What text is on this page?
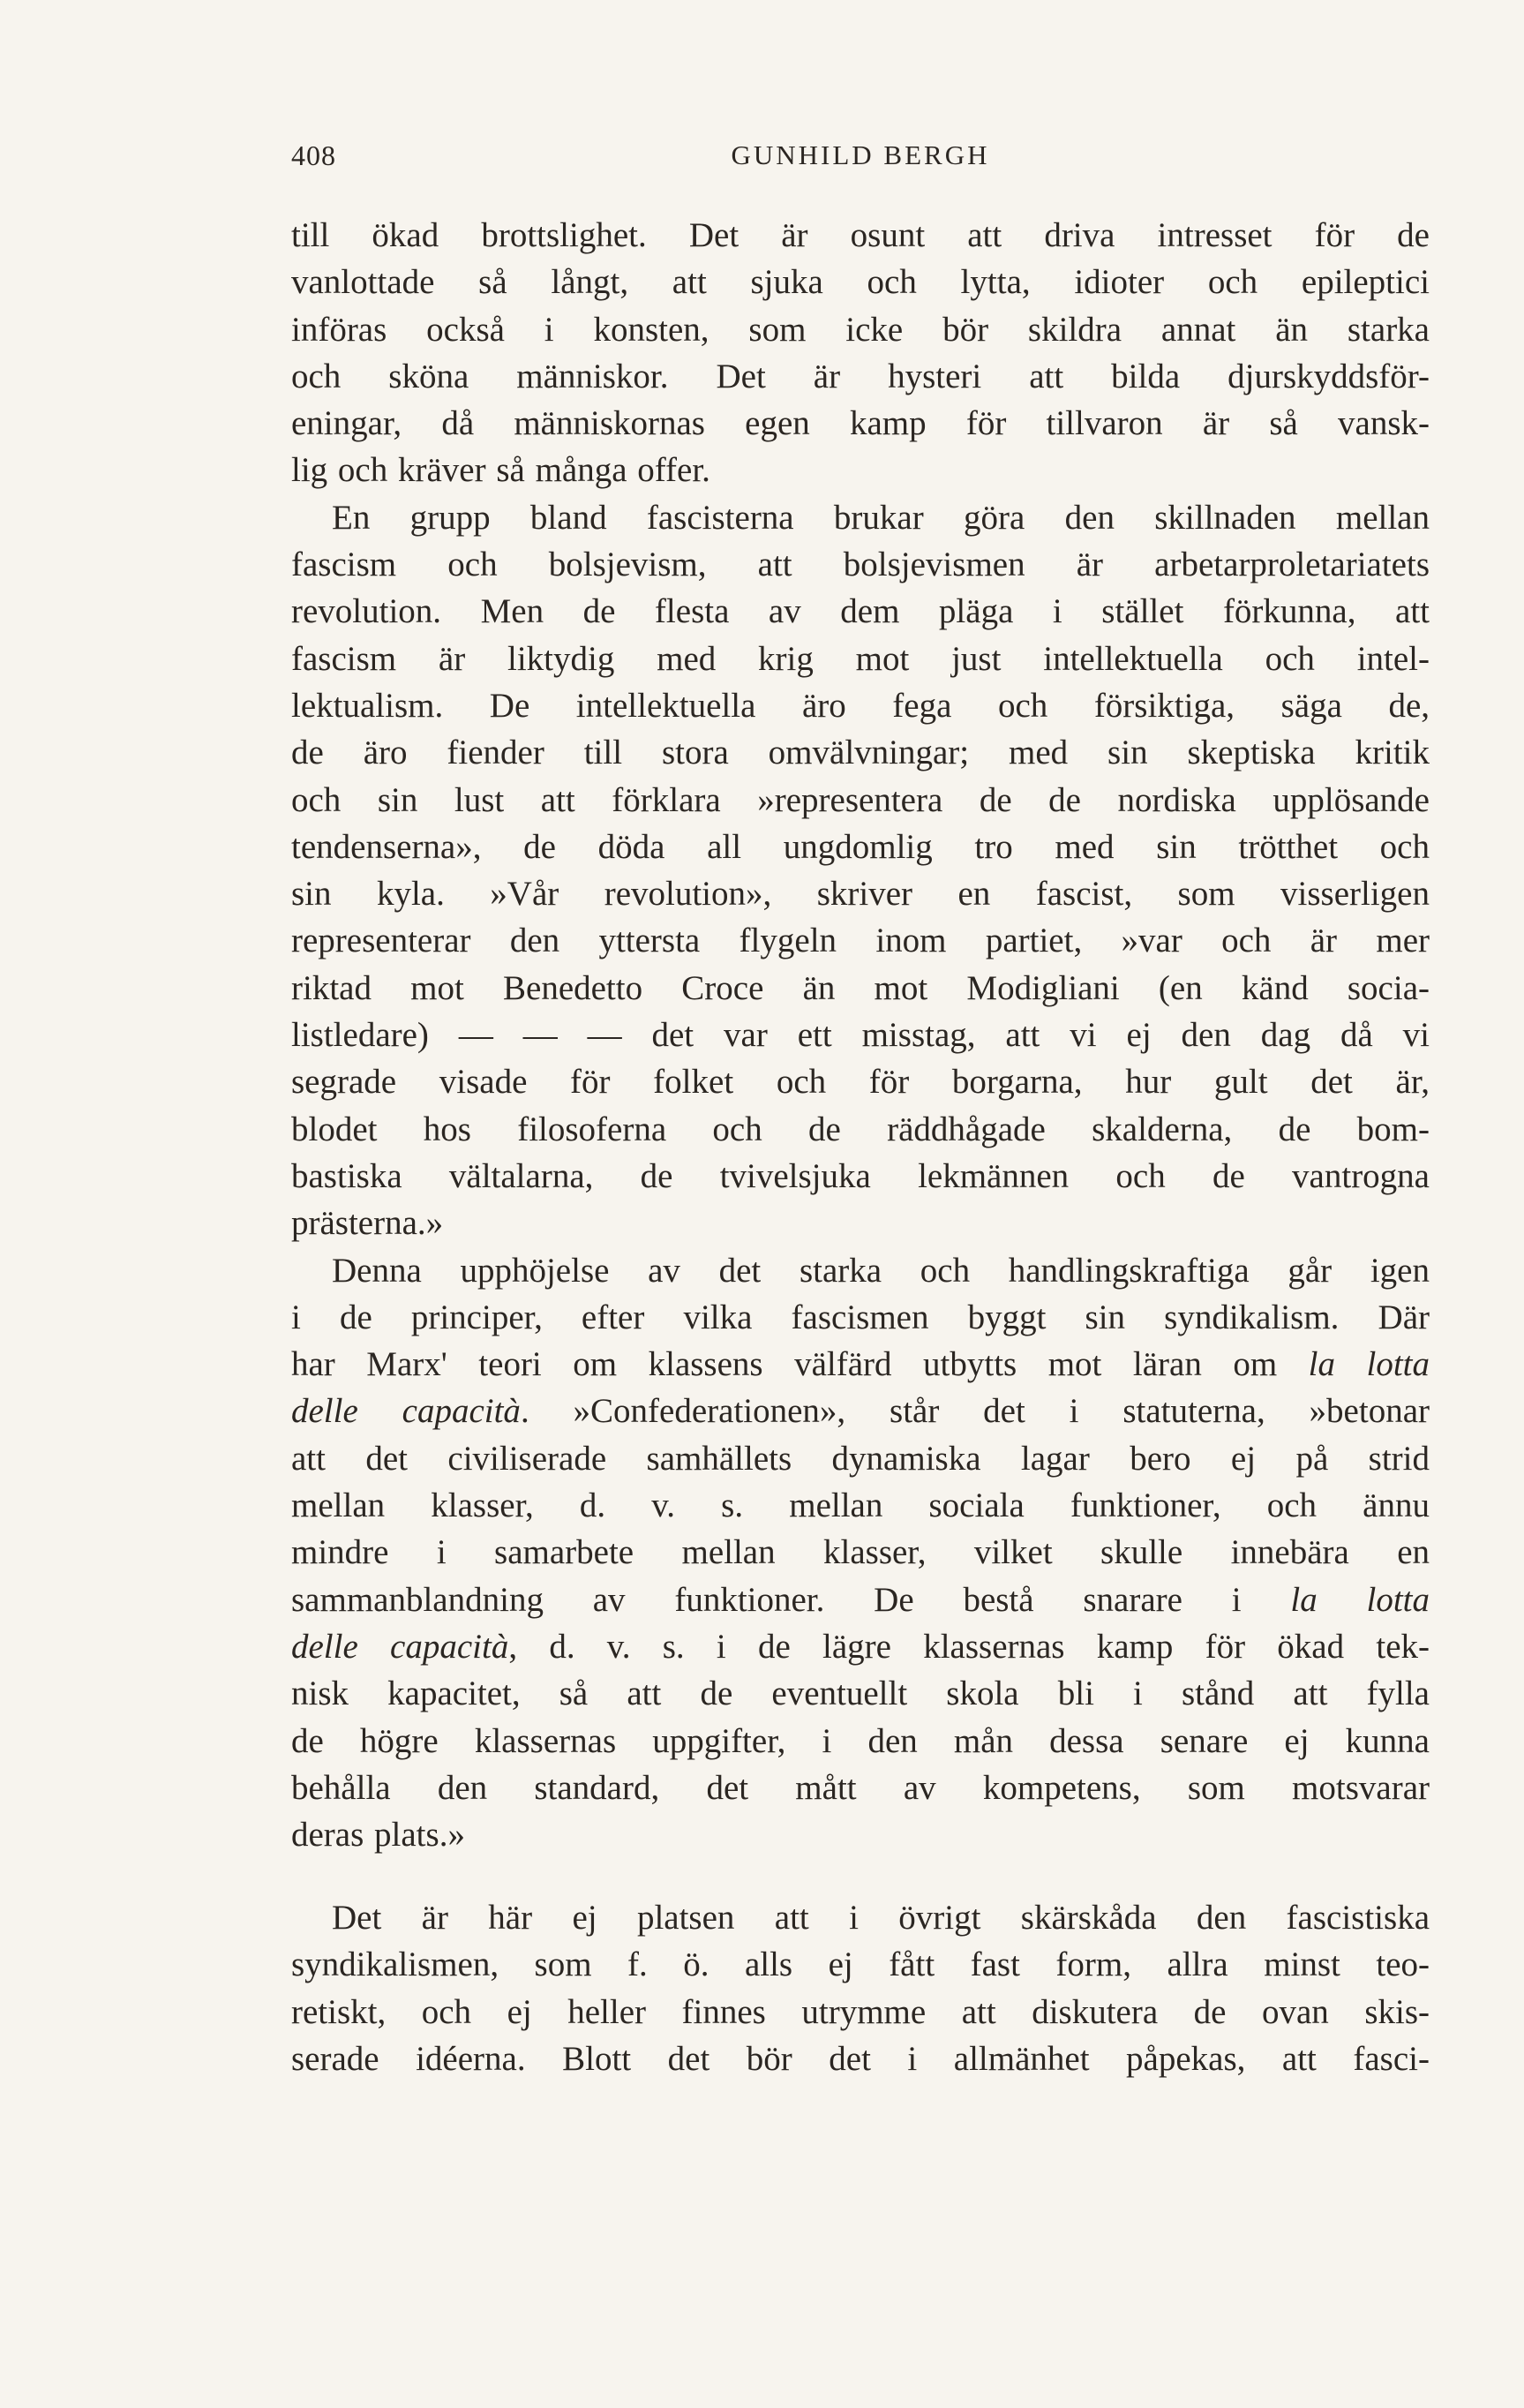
408	GUNHILD BERGH
till ökad brottslighet. Det är osunt att driva intresset för de
vanlottade så långt, att sjuka och lytta, idioter och epileptici
införas också i konsten, som icke bör skildra annat än starka
och sköna människor. Det är hysteri att bilda djurskyddsför-
eningar, då människornas egen kamp för tillvaron är så vansk-
lig och kräver så många offer.
En grupp bland fascisterna brukar göra den skillnaden mellan
fascism och bolsjevism, att bolsjevismen är arbetarproletariatets
revolution. Men de flesta av dem pläga i stället förkunna, att
fascism är liktydig med krig mot just intellektuella och intel-
lektualism. De intellektuella äro fega och försiktiga, säga de,
de äro fiender till stora omvälvningar; med sin skeptiska kritik
och sin lust att förklara »representera de de nordiska upplösande
tendenserna», de döda all ungdomlig tro med sin trötthet och
sin kyla. »Vår revolution», skriver en fascist, som visserligen
representerar den yttersta flygeln inom partiet, »var och är mer
riktad mot Benedetto Croce än mot Modigliani (en känd socia-
listledare) — — — det var ett misstag, att vi ej den dag då vi
segrade visade för folket och för borgarna, hur gult det är,
blodet hos filosoferna och de räddhågade skalderna, de bom-
bastiska vältalarna, de tvivelsjuka lekmännen och de vantrogna
prästerna.»
Denna upphöjelse av det starka och handlingskraftiga går igen
i de principer, efter vilka fascismen byggt sin syndikalism. Där
har Marx' teori om klassens välfärd utbytts mot läran om la lotta
delle capacità. »Confederationen», står det i statuterna, »betonar
att det civiliserade samhällets dynamiska lagar bero ej på strid
mellan klasser, d. v. s. mellan sociala funktioner, och ännu
mindre i samarbete mellan klasser, vilket skulle innebära en
sammanblandning av funktioner. De bestå snarare i la lotta
delle capacità, d. v. s. i de lägre klassernas kamp för ökad tek-
nisk kapacitet, så att de eventuellt skola bli i stånd att fylla
de högre klassernas uppgifter, i den mån dessa senare ej kunna
behålla den standard, det mått av kompetens, som motsvarar
deras plats.»
Det är här ej platsen att i övrigt skärskåda den fascistiska
syndikalismen, som f. ö. alls ej fått fast form, allra minst teo-
retiskt, och ej heller finnes utrymme att diskutera de ovan skis-
serade idéerna. Blott det bör det i allmänhet påpekas, att fasci-
